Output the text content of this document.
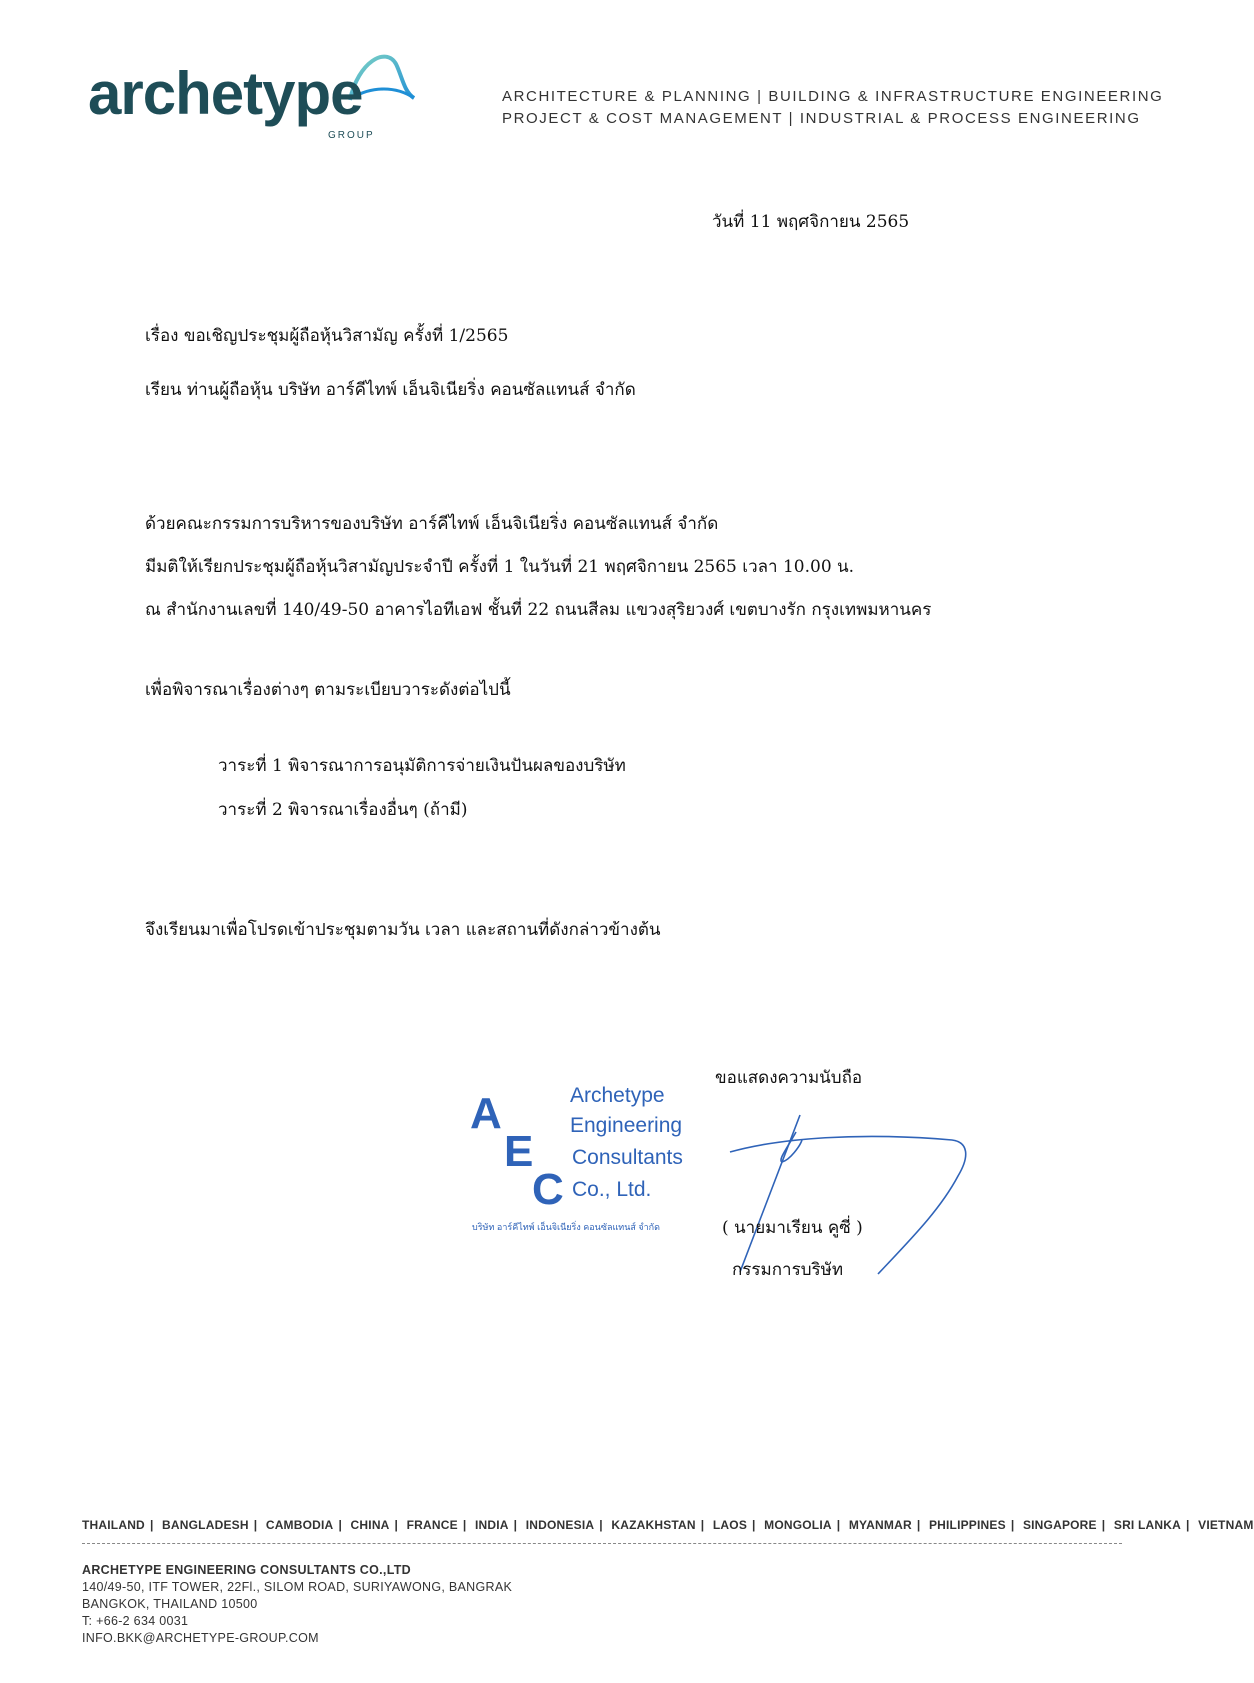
archetype
GROUP
ARCHITECTURE & PLANNING | BUILDING & INFRASTRUCTURE ENGINEERING
PROJECT & COST MANAGEMENT | INDUSTRIAL & PROCESS ENGINEERING
วันที่ 11 พฤศจิกายน 2565
เรื่อง ขอเชิญประชุมผู้ถือหุ้นวิสามัญ ครั้งที่ 1/2565
เรียน ท่านผู้ถือหุ้น บริษัท อาร์คีไทพ์ เอ็นจิเนียริ่ง คอนซัลแทนส์ จำกัด
ด้วยคณะกรรมการบริหารของบริษัท อาร์คีไทพ์ เอ็นจิเนียริ่ง คอนซัลแทนส์ จำกัด
มีมติให้เรียกประชุมผู้ถือหุ้นวิสามัญประจำปี ครั้งที่ 1 ในวันที่ 21 พฤศจิกายน 2565 เวลา 10.00 น.
ณ สำนักงานเลขที่ 140/49-50 อาคารไอทีเอฟ ชั้นที่ 22 ถนนสีลม แขวงสุริยวงศ์ เขตบางรัก กรุงเทพมหานคร
เพื่อพิจารณาเรื่องต่างๆ ตามระเบียบวาระดังต่อไปนี้
วาระที่ 1 พิจารณาการอนุมัติการจ่ายเงินปันผลของบริษัท
วาระที่ 2 พิจารณาเรื่องอื่นๆ (ถ้ามี)
จึงเรียนมาเพื่อโปรดเข้าประชุมตามวัน เวลา และสถานที่ดังกล่าวข้างต้น
ขอแสดงความนับถือ
A
E
C
Archetype
Engineering
Consultants
Co., Ltd.
บริษัท อาร์คีไทพ์ เอ็นจิเนียริ่ง คอนซัลแทนส์ จำกัด	( นายมาเรียน คูซี่ )
กรรมการบริษัท
THAILAND | BANGLADESH | CAMBODIA | CHINA | FRANCE | INDIA | INDONESIA | KAZAKHSTAN | LAOS | MONGOLIA | MYANMAR | PHILIPPINES | SINGAPORE | SRI LANKA | VIETNAM
ARCHETYPE ENGINEERING CONSULTANTS CO.,LTD
140/49-50, ITF TOWER, 22Fl., SILOM ROAD, SURIYAWONG, BANGRAK
BANGKOK, THAILAND 10500
T: +66-2 634 0031
INFO.BKK@ARCHETYPE-GROUP.COM
